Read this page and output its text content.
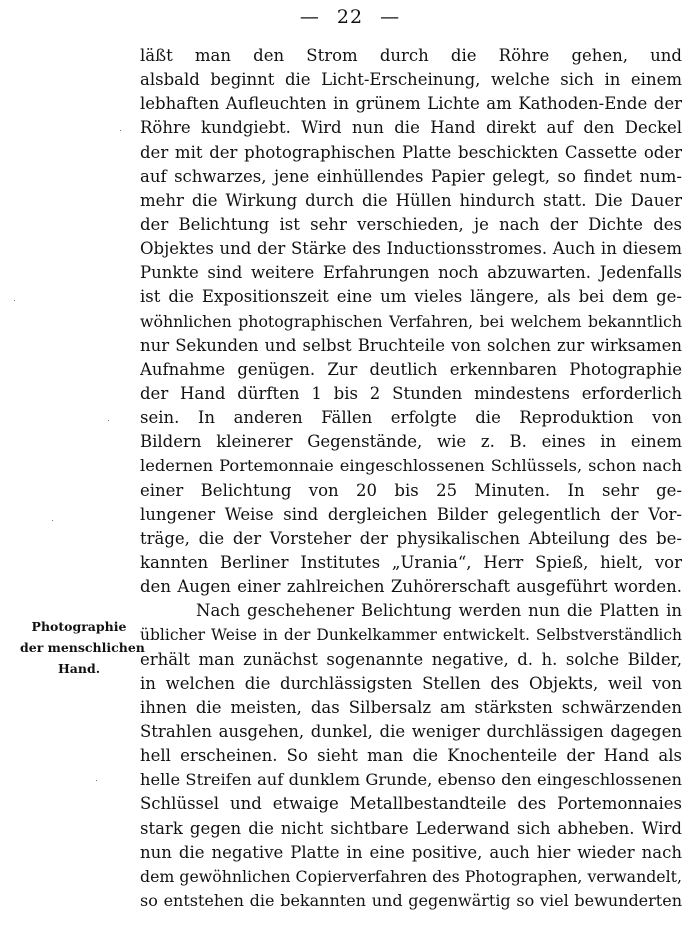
— 22 —
Photographie
der menschlichen
Hand.
läßt man den Strom durch die Röhre gehen, und
alsbald beginnt die Licht-Erscheinung, welche sich in einem
lebhaften Aufleuchten in grünem Lichte am Kathoden-Ende der
Röhre kundgiebt. Wird nun die Hand direkt auf den Deckel
der mit der photographischen Platte beschickten Cassette oder
auf schwarzes, jene einhüllendes Papier gelegt, so findet num-
mehr die Wirkung durch die Hüllen hindurch statt. Die Dauer
der Belichtung ist sehr verschieden, je nach der Dichte des
Objektes und der Stärke des Inductionsstromes. Auch in diesem
Punkte sind weitere Erfahrungen noch abzuwarten. Jedenfalls
ist die Expositionszeit eine um vieles längere, als bei dem ge-
wöhnlichen photographischen Verfahren, bei welchem bekanntlich
nur Sekunden und selbst Bruchteile von solchen zur wirksamen
Aufnahme genügen. Zur deutlich erkennbaren Photographie
der Hand dürften 1 bis 2 Stunden mindestens erforderlich
sein. In anderen Fällen erfolgte die Reproduktion von
Bildern kleinerer Gegenstände, wie z. B. eines in einem
ledernen Portemonnaie eingeschlossenen Schlüssels, schon nach
einer Belichtung von 20 bis 25 Minuten. In sehr ge-
lungener Weise sind dergleichen Bilder gelegentlich der Vor-
träge, die der Vorsteher der physikalischen Abteilung des be-
kannten Berliner Institutes „Urania“, Herr Spieß, hielt, vor
den Augen einer zahlreichen Zuhörerschaft ausgeführt worden.
Nach geschehener Belichtung werden nun die Platten in
üblicher Weise in der Dunkelkammer entwickelt. Selbstverständlich
erhält man zunächst sogenannte negative, d. h. solche Bilder,
in welchen die durchlässigsten Stellen des Objekts, weil von
ihnen die meisten, das Silbersalz am stärksten schwärzenden
Strahlen ausgehen, dunkel, die weniger durchlässigen dagegen
hell erscheinen. So sieht man die Knochenteile der Hand als
helle Streifen auf dunklem Grunde, ebenso den eingeschlossenen
Schlüssel und etwaige Metallbestandteile des Portemonnaies
stark gegen die nicht sichtbare Lederwand sich abheben. Wird
nun die negative Platte in eine positive, auch hier wieder nach
dem gewöhnlichen Copierverfahren des Photographen, verwandelt,
so entstehen die bekannten und gegenwärtig so viel bewunderten
